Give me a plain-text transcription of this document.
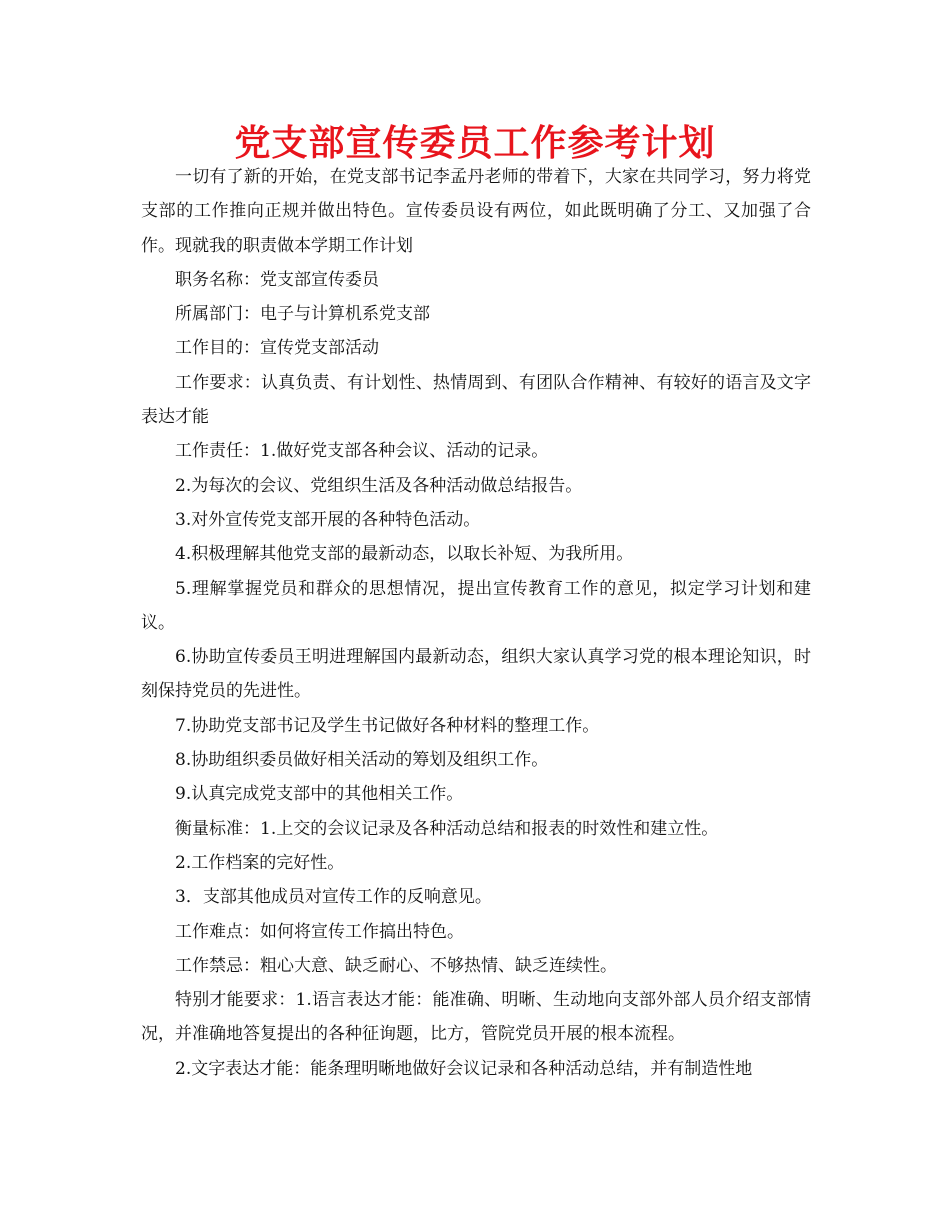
党支部宣传委员工作参考计划

一切有了新的开始，在党支部书记李孟丹老师的带着下，大家在共同学习，努力将党支部的工作推向正规并做出特色。宣传委员设有两位，如此既明确了分工、又加强了合作。现就我的职责做本学期工作计划

职务名称：党支部宣传委员

所属部门：电子与计算机系党支部

工作目的：宣传党支部活动

工作要求：认真负责、有计划性、热情周到、有团队合作精神、有较好的语言及文字表达才能

工作责任：1.做好党支部各种会议、活动的记录。

2.为每次的会议、党组织生活及各种活动做总结报告。

3.对外宣传党支部开展的各种特色活动。

4.积极理解其他党支部的最新动态，以取长补短、为我所用。

5.理解掌握党员和群众的思想情况，提出宣传教育工作的意见，拟定学习计划和建议。

6.协助宣传委员王明进理解国内最新动态，组织大家认真学习党的根本理论知识，时刻保持党员的先进性。

7.协助党支部书记及学生书记做好各种材料的整理工作。

8.协助组织委员做好相关活动的筹划及组织工作。

9.认真完成党支部中的其他相关工作。

衡量标准：1.上交的会议记录及各种活动总结和报表的时效性和建立性。

2.工作档案的完好性。

3．支部其他成员对宣传工作的反响意见。

工作难点：如何将宣传工作搞出特色。

工作禁忌：粗心大意、缺乏耐心、不够热情、缺乏连续性。

特别才能要求：1.语言表达才能：能准确、明晰、生动地向支部外部人员介绍支部情况，并准确地答复提出的各种征询题，比方，管院党员开展的根本流程。

2.文字表达才能：能条理明晰地做好会议记录和各种活动总结，并有制造性地
